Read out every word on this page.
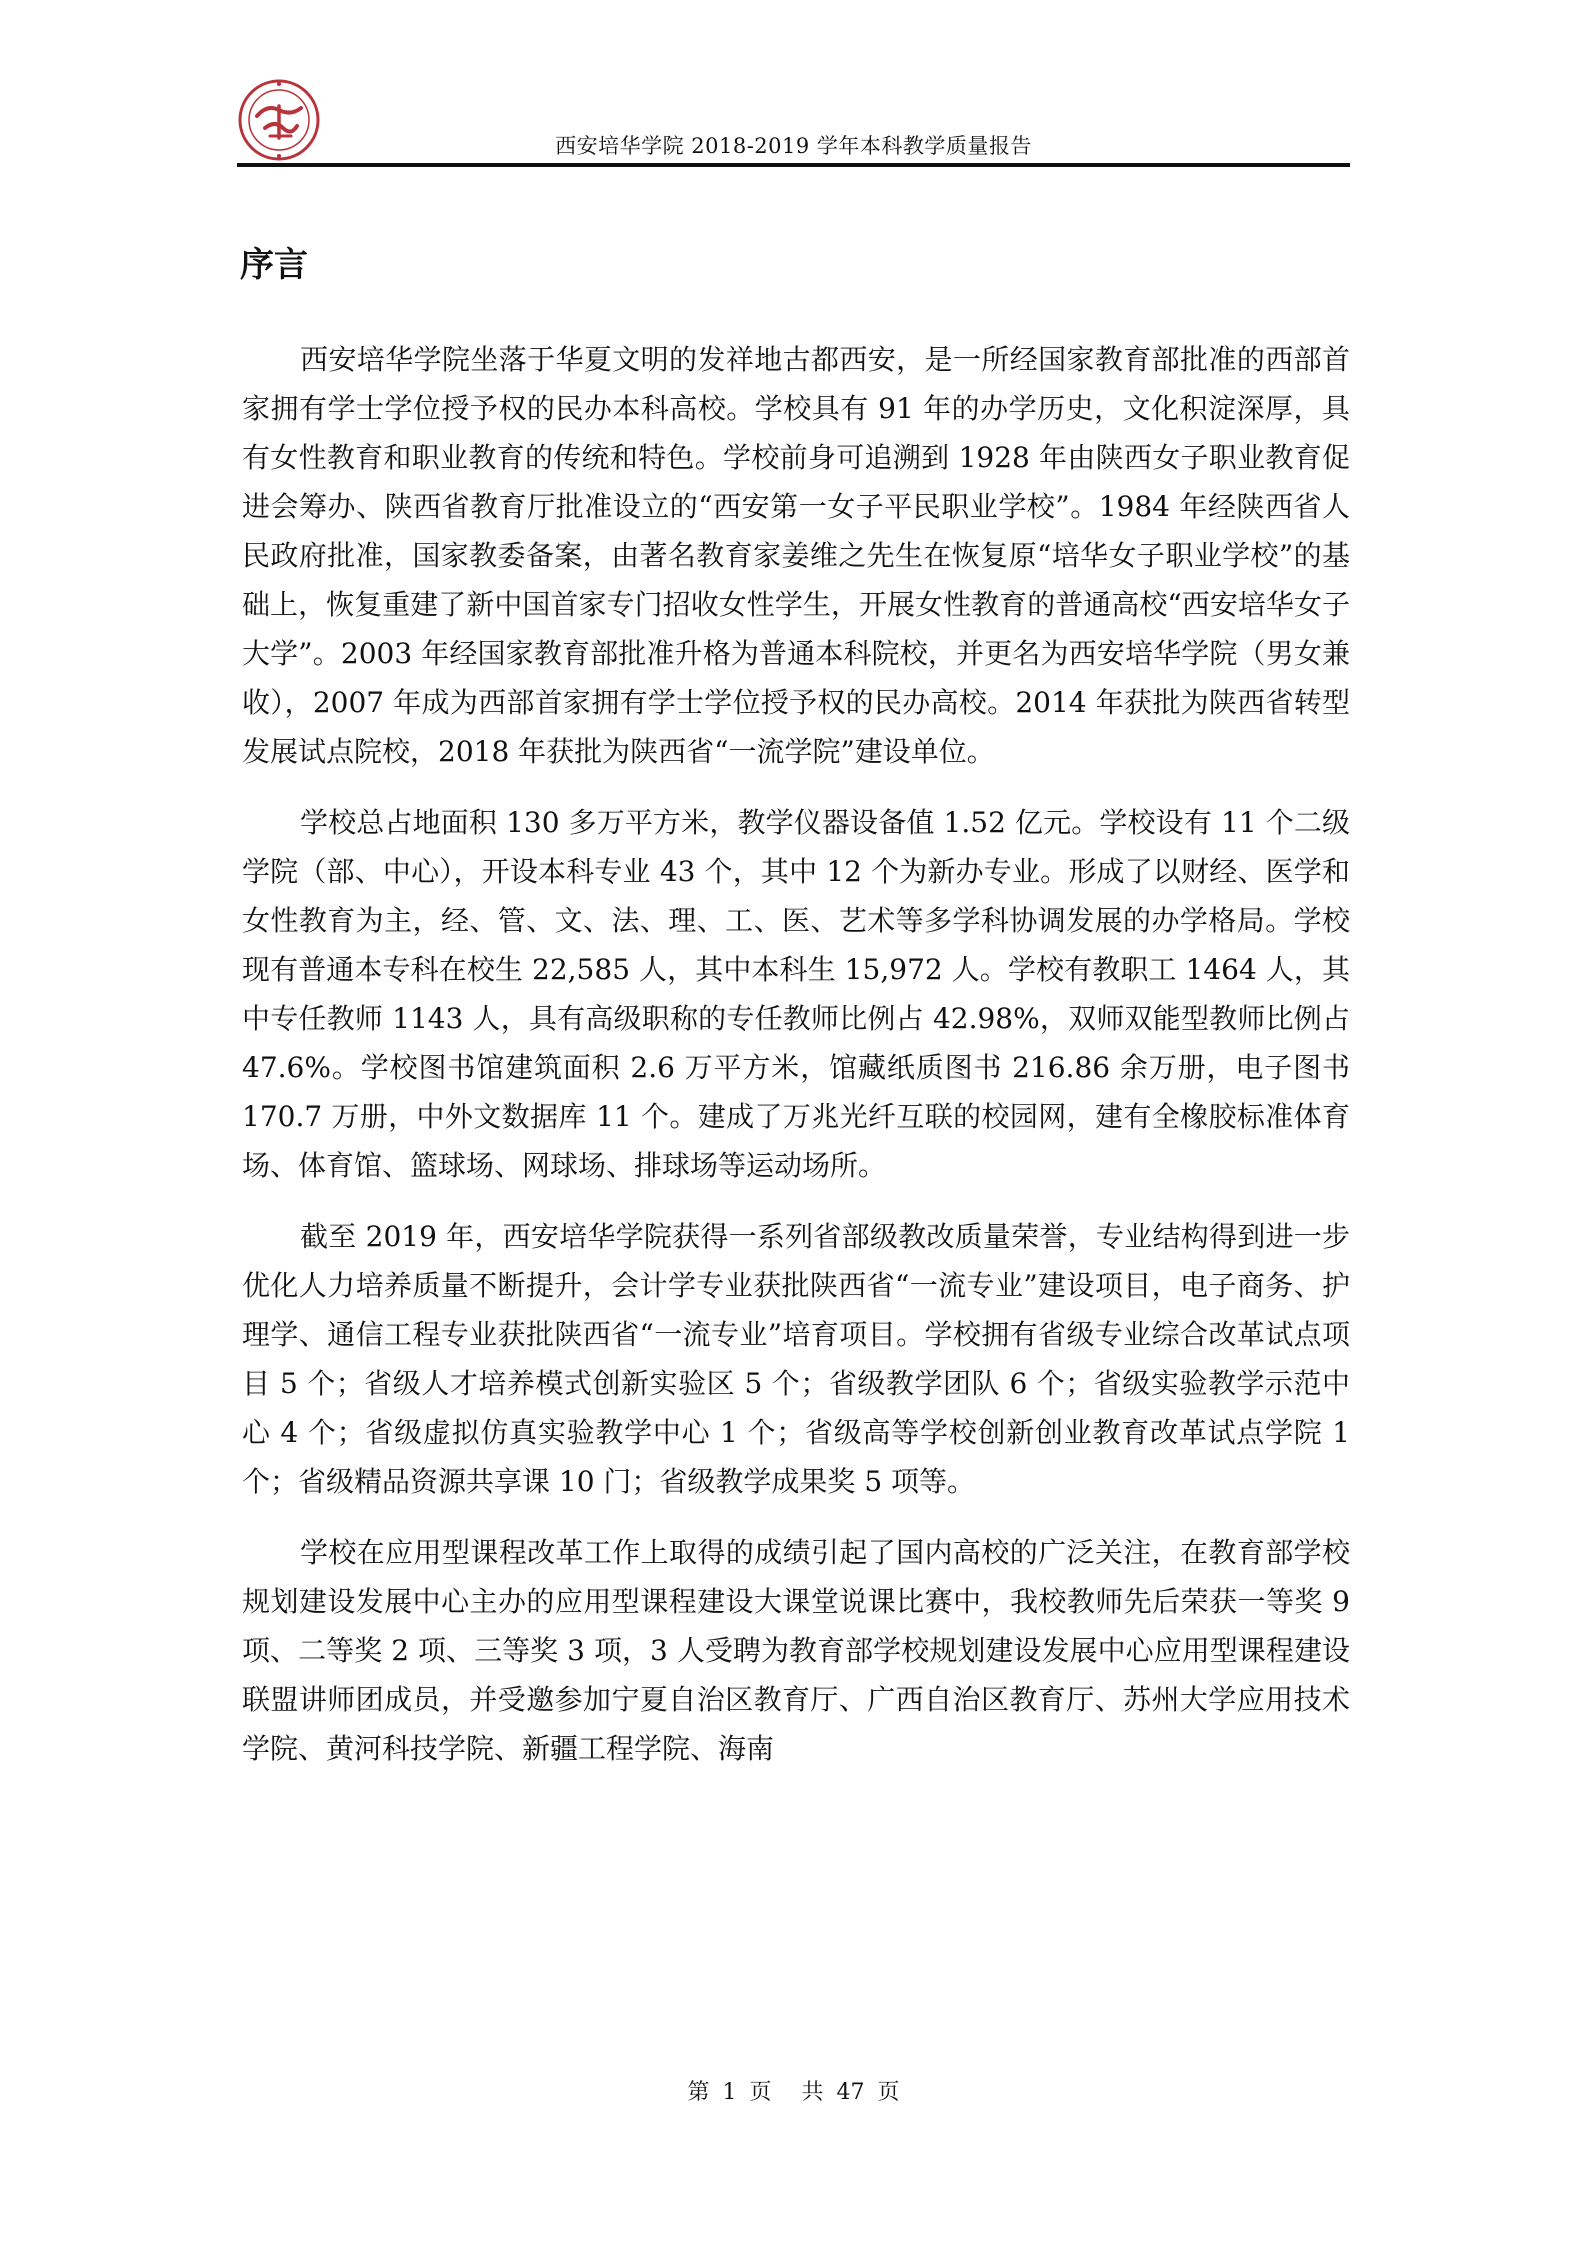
西安培华学院 2018-2019 学年本科教学质量报告
序言

西安培华学院坐落于华夏文明的发祥地古都西安，是一所经国家教育部批准的西部首家拥有学士学位授予权的民办本科高校。学校具有 91 年的办学历史，文化积淀深厚，具有女性教育和职业教育的传统和特色。学校前身可追溯到 1928 年由陕西女子职业教育促进会筹办、陕西省教育厅批准设立的“西安第一女子平民职业学校”。1984 年经陕西省人民政府批准，国家教委备案，由著名教育家姜维之先生在恢复原“培华女子职业学校”的基础上，恢复重建了新中国首家专门招收女性学生，开展女性教育的普通高校“西安培华女子大学”。2003 年经国家教育部批准升格为普通本科院校，并更名为西安培华学院（男女兼收），2007 年成为西部首家拥有学士学位授予权的民办高校。2014 年获批为陕西省转型发展试点院校，2018 年获批为陕西省“一流学院”建设单位。

学校总占地面积 130 多万平方米，教学仪器设备值 1.52 亿元。学校设有 11 个二级学院（部、中心），开设本科专业 43 个，其中 12 个为新办专业。形成了以财经、医学和女性教育为主，经、管、文、法、理、工、医、艺术等多学科协调发展的办学格局。学校现有普通本专科在校生 22,585 人，其中本科生 15,972 人。学校有教职工 1464 人，其中专任教师 1143 人，具有高级职称的专任教师比例占 42.98%，双师双能型教师比例占 47.6%。学校图书馆建筑面积 2.6 万平方米，馆藏纸质图书 216.86 余万册，电子图书 170.7 万册，中外文数据库 11 个。建成了万兆光纤互联的校园网，建有全橡胶标准体育场、体育馆、篮球场、网球场、排球场等运动场所。

截至 2019 年，西安培华学院获得一系列省部级教改质量荣誉，专业结构得到进一步优化人力培养质量不断提升，会计学专业获批陕西省“一流专业”建设项目，电子商务、护理学、通信工程专业获批陕西省“一流专业”培育项目。学校拥有省级专业综合改革试点项目 5 个；省级人才培养模式创新实验区 5 个；省级教学团队 6 个；省级实验教学示范中心 4 个；省级虚拟仿真实验教学中心 1 个；省级高等学校创新创业教育改革试点学院 1 个；省级精品资源共享课 10 门；省级教学成果奖 5 项等。

学校在应用型课程改革工作上取得的成绩引起了国内高校的广泛关注，在教育部学校规划建设发展中心主办的应用型课程建设大课堂说课比赛中，我校教师先后荣获一等奖 9 项、二等奖 2 项、三等奖 3 项，3 人受聘为教育部学校规划建设发展中心应用型课程建设联盟讲师团成员，并受邀参加宁夏自治区教育厅、广西自治区教育厅、苏州大学应用技术学院、黄河科技学院、新疆工程学院、海南

第 1 页 共 47 页
